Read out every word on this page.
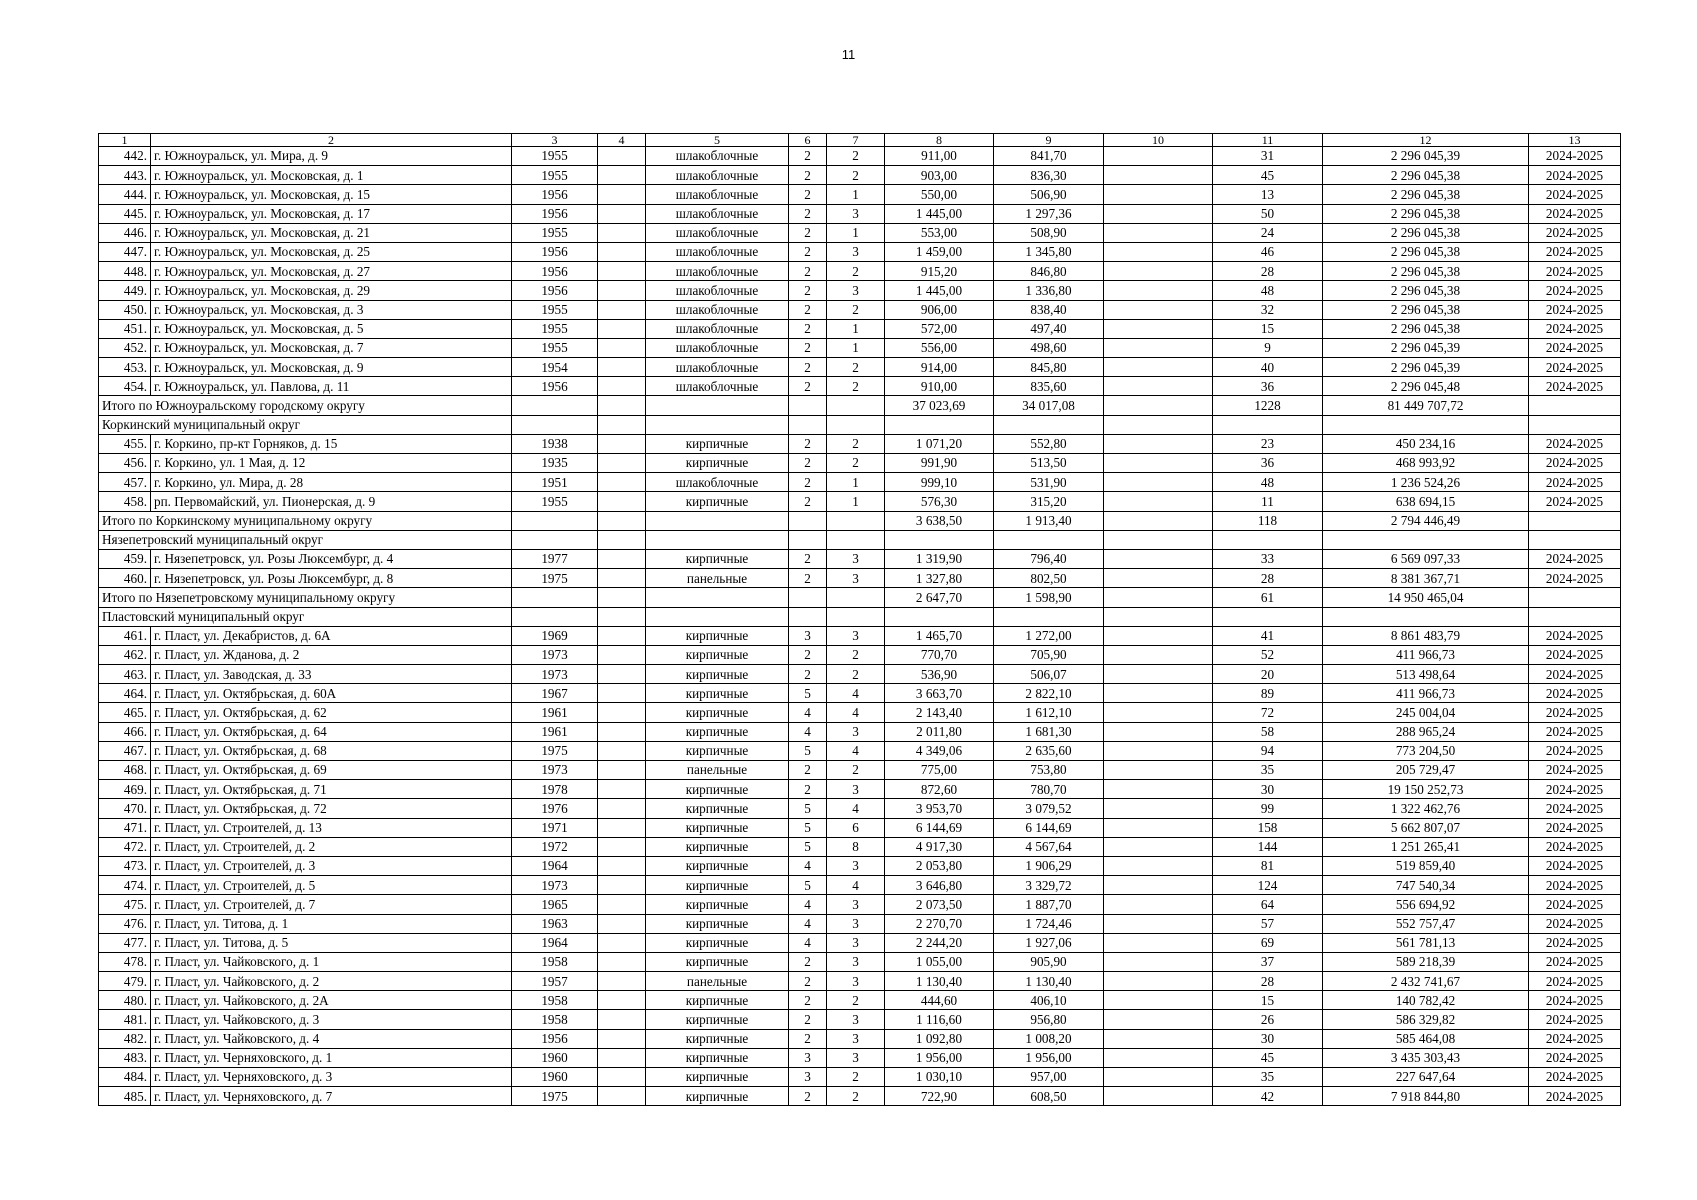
11
1	2	3	4	5	6	7	8	9	10	11	12	13
442.	г. Южноуральск, ул. Мира, д. 9	1955		шлакоблочные	2	2	911,00	841,70		31	2 296 045,39	2024-2025
443.	г. Южноуральск, ул. Московская, д. 1	1955		шлакоблочные	2	2	903,00	836,30		45	2 296 045,38	2024-2025
444.	г. Южноуральск, ул. Московская, д. 15	1956		шлакоблочные	2	1	550,00	506,90		13	2 296 045,38	2024-2025
445.	г. Южноуральск, ул. Московская, д. 17	1956		шлакоблочные	2	3	1 445,00	1 297,36		50	2 296 045,38	2024-2025
446.	г. Южноуральск, ул. Московская, д. 21	1955		шлакоблочные	2	1	553,00	508,90		24	2 296 045,38	2024-2025
447.	г. Южноуральск, ул. Московская, д. 25	1956		шлакоблочные	2	3	1 459,00	1 345,80		46	2 296 045,38	2024-2025
448.	г. Южноуральск, ул. Московская, д. 27	1956		шлакоблочные	2	2	915,20	846,80		28	2 296 045,38	2024-2025
449.	г. Южноуральск, ул. Московская, д. 29	1956		шлакоблочные	2	3	1 445,00	1 336,80		48	2 296 045,38	2024-2025
450.	г. Южноуральск, ул. Московская, д. 3	1955		шлакоблочные	2	2	906,00	838,40		32	2 296 045,38	2024-2025
451.	г. Южноуральск, ул. Московская, д. 5	1955		шлакоблочные	2	1	572,00	497,40		15	2 296 045,38	2024-2025
452.	г. Южноуральск, ул. Московская, д. 7	1955		шлакоблочные	2	1	556,00	498,60		9	2 296 045,39	2024-2025
453.	г. Южноуральск, ул. Московская, д. 9	1954		шлакоблочные	2	2	914,00	845,80		40	2 296 045,39	2024-2025
454.	г. Южноуральск, ул. Павлова, д. 11	1956		шлакоблочные	2	2	910,00	835,60		36	2 296 045,48	2024-2025
Итого по Южноуральскому городскому округу							37 023,69	34 017,08		1228	81 449 707,72	
Коркинский муниципальный округ												
455.	г. Коркино, пр-кт Горняков, д. 15	1938		кирпичные	2	2	1 071,20	552,80		23	450 234,16	2024-2025
456.	г. Коркино, ул. 1 Мая, д. 12	1935		кирпичные	2	2	991,90	513,50		36	468 993,92	2024-2025
457.	г. Коркино, ул. Мира, д. 28	1951		шлакоблочные	2	1	999,10	531,90		48	1 236 524,26	2024-2025
458.	рп. Первомайский, ул. Пионерская, д. 9	1955		кирпичные	2	1	576,30	315,20		11	638 694,15	2024-2025
Итого по Коркинскому муниципальному округу							3 638,50	1 913,40		118	2 794 446,49	
Нязепетровский муниципальный округ												
459.	г. Нязепетровск, ул. Розы Люксембург, д. 4	1977		кирпичные	2	3	1 319,90	796,40		33	6 569 097,33	2024-2025
460.	г. Нязепетровск, ул. Розы Люксембург, д. 8	1975		панельные	2	3	1 327,80	802,50		28	8 381 367,71	2024-2025
Итого по Нязепетровскому муниципальному округу							2 647,70	1 598,90		61	14 950 465,04	
Пластовский муниципальный округ												
461.	г. Пласт, ул. Декабристов, д. 6А	1969		кирпичные	3	3	1 465,70	1 272,00		41	8 861 483,79	2024-2025
462.	г. Пласт, ул. Жданова, д. 2	1973		кирпичные	2	2	770,70	705,90		52	411 966,73	2024-2025
463.	г. Пласт, ул. Заводская, д. 33	1973		кирпичные	2	2	536,90	506,07		20	513 498,64	2024-2025
464.	г. Пласт, ул. Октябрьская, д. 60А	1967		кирпичные	5	4	3 663,70	2 822,10		89	411 966,73	2024-2025
465.	г. Пласт, ул. Октябрьская, д. 62	1961		кирпичные	4	4	2 143,40	1 612,10		72	245 004,04	2024-2025
466.	г. Пласт, ул. Октябрьская, д. 64	1961		кирпичные	4	3	2 011,80	1 681,30		58	288 965,24	2024-2025
467.	г. Пласт, ул. Октябрьская, д. 68	1975		кирпичные	5	4	4 349,06	2 635,60		94	773 204,50	2024-2025
468.	г. Пласт, ул. Октябрьская, д. 69	1973		панельные	2	2	775,00	753,80		35	205 729,47	2024-2025
469.	г. Пласт, ул. Октябрьская, д. 71	1978		кирпичные	2	3	872,60	780,70		30	19 150 252,73	2024-2025
470.	г. Пласт, ул. Октябрьская, д. 72	1976		кирпичные	5	4	3 953,70	3 079,52		99	1 322 462,76	2024-2025
471.	г. Пласт, ул. Строителей, д. 13	1971		кирпичные	5	6	6 144,69	6 144,69		158	5 662 807,07	2024-2025
472.	г. Пласт, ул. Строителей, д. 2	1972		кирпичные	5	8	4 917,30	4 567,64		144	1 251 265,41	2024-2025
473.	г. Пласт, ул. Строителей, д. 3	1964		кирпичные	4	3	2 053,80	1 906,29		81	519 859,40	2024-2025
474.	г. Пласт, ул. Строителей, д. 5	1973		кирпичные	5	4	3 646,80	3 329,72		124	747 540,34	2024-2025
475.	г. Пласт, ул. Строителей, д. 7	1965		кирпичные	4	3	2 073,50	1 887,70		64	556 694,92	2024-2025
476.	г. Пласт, ул. Титова, д. 1	1963		кирпичные	4	3	2 270,70	1 724,46		57	552 757,47	2024-2025
477.	г. Пласт, ул. Титова, д. 5	1964		кирпичные	4	3	2 244,20	1 927,06		69	561 781,13	2024-2025
478.	г. Пласт, ул. Чайковского, д. 1	1958		кирпичные	2	3	1 055,00	905,90		37	589 218,39	2024-2025
479.	г. Пласт, ул. Чайковского, д. 2	1957		панельные	2	3	1 130,40	1 130,40		28	2 432 741,67	2024-2025
480.	г. Пласт, ул. Чайковского, д. 2А	1958		кирпичные	2	2	444,60	406,10		15	140 782,42	2024-2025
481.	г. Пласт, ул. Чайковского, д. 3	1958		кирпичные	2	3	1 116,60	956,80		26	586 329,82	2024-2025
482.	г. Пласт, ул. Чайковского, д. 4	1956		кирпичные	2	3	1 092,80	1 008,20		30	585 464,08	2024-2025
483.	г. Пласт, ул. Черняховского, д. 1	1960		кирпичные	3	3	1 956,00	1 956,00		45	3 435 303,43	2024-2025
484.	г. Пласт, ул. Черняховского, д. 3	1960		кирпичные	3	2	1 030,10	957,00		35	227 647,64	2024-2025
485.	г. Пласт, ул. Черняховского, д. 7	1975		кирпичные	2	2	722,90	608,50		42	7 918 844,80	2024-2025
